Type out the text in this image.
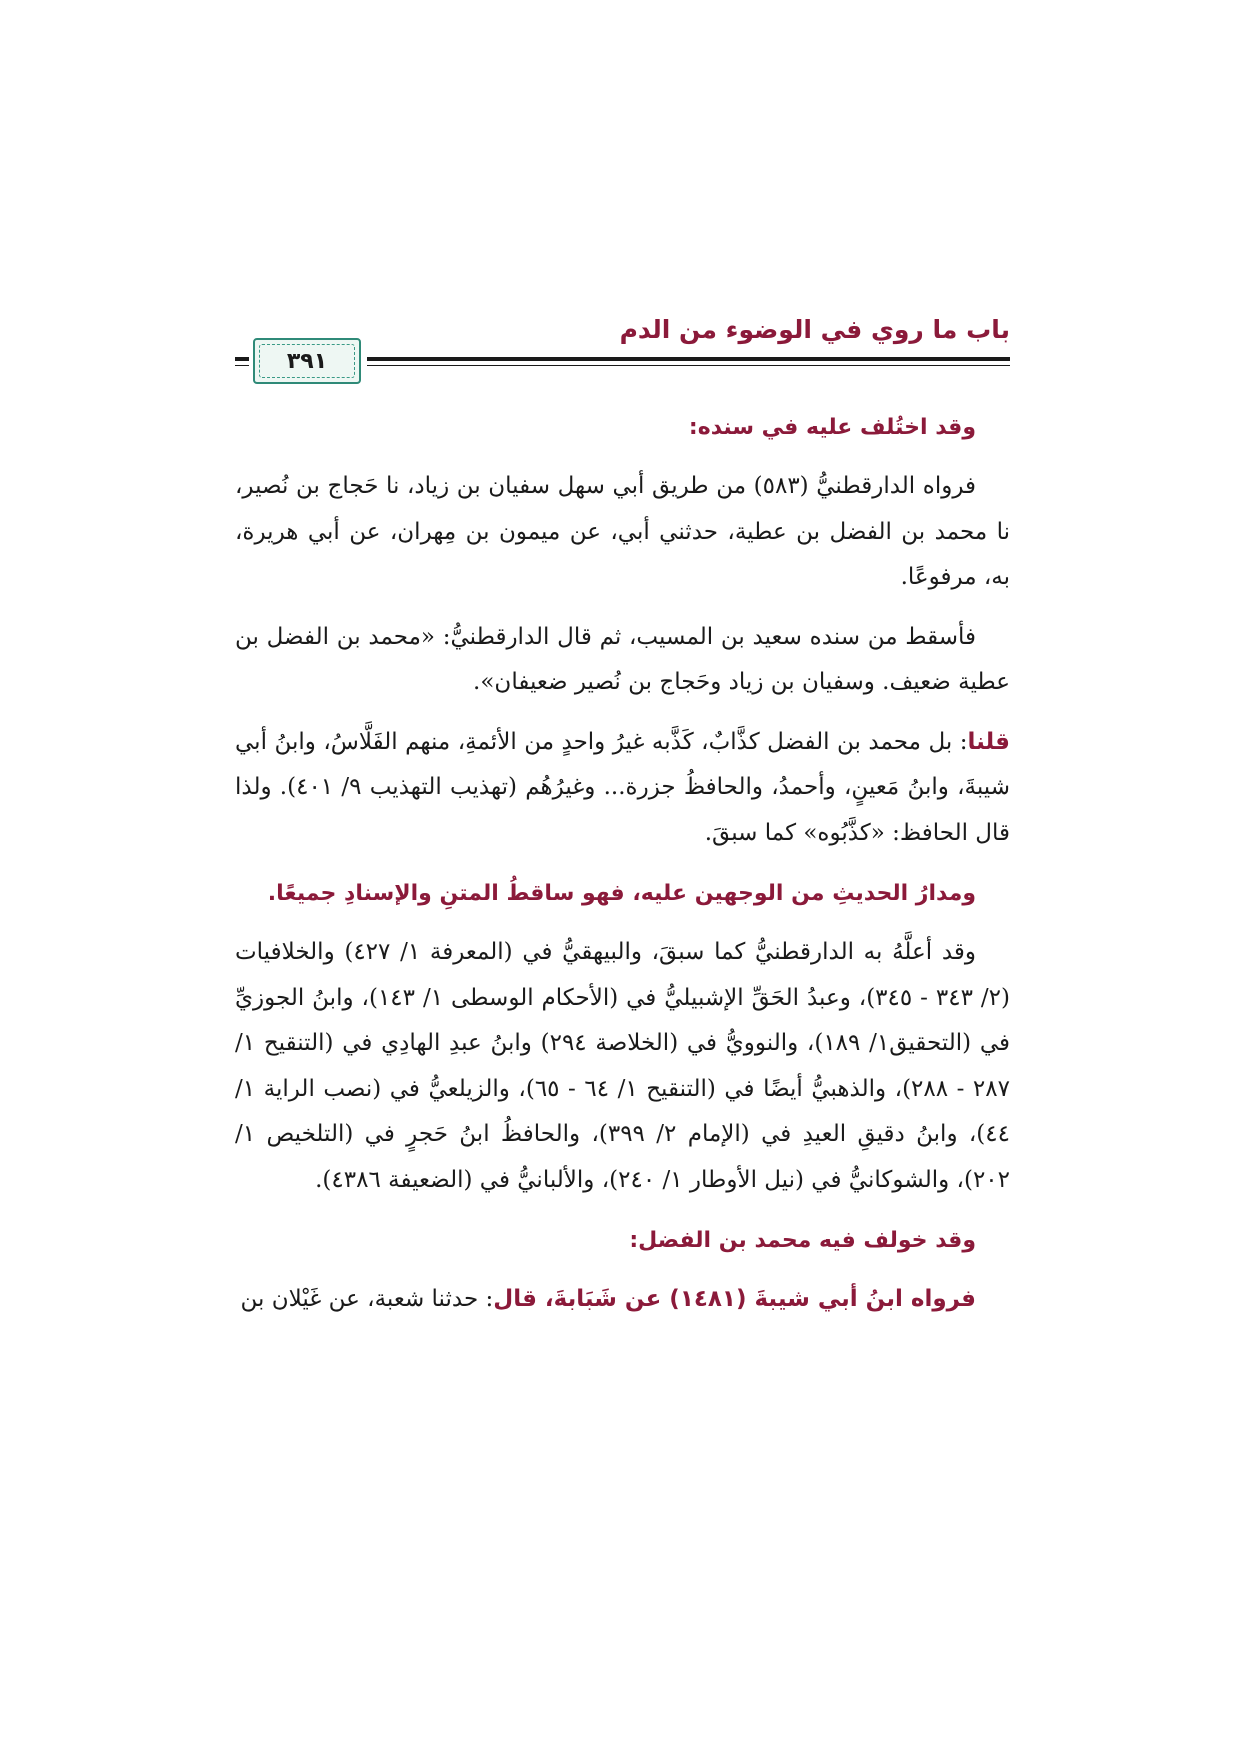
باب ما روي في الوضوء من الدم
٣٩١
وقد اختُلف عليه في سنده:

فرواه الدارقطنيُّ (٥٨٣) من طريق أبي سهل سفيان بن زياد، نا حَجاج بن نُصير، نا محمد بن الفضل بن عطية، حدثني أبي، عن ميمون بن مِهران، عن أبي هريرة، به، مرفوعًا.

فأسقط من سنده سعيد بن المسيب، ثم قال الدارقطنيُّ: «محمد بن الفضل بن عطية ضعيف. وسفيان بن زياد وحَجاج بن نُصير ضعيفان».

قلنا: بل محمد بن الفضل كذَّابٌ، كَذَّبه غيرُ واحدٍ من الأئمةِ، منهم الفَلَّاسُ، وابنُ أبي شيبةَ، وابنُ مَعينٍ، وأحمدُ، والحافظُ جزرة... وغيرُهُم (تهذيب التهذيب ٩/ ٤٠١). ولذا قال الحافظ: «كذَّبُوه» كما سبقَ.

ومدارُ الحديثِ من الوجهين عليه، فهو ساقطُ المتنِ والإسنادِ جميعًا.

وقد أعلَّهُ به الدارقطنيُّ كما سبقَ، والبيهقيُّ في (المعرفة ١/ ٤٢٧) والخلافيات (٢/ ٣٤٣ - ٣٤٥)، وعبدُ الحَقِّ الإشبيليُّ في (الأحكام الوسطى ١/ ١٤٣)، وابنُ الجوزيِّ في (التحقيق١/ ١٨٩)، والنوويُّ في (الخلاصة ٢٩٤) وابنُ عبدِ الهادِي في (التنقيح ١/ ٢٨٧ - ٢٨٨)، والذهبيُّ أيضًا في (التنقيح ١/ ٦٤ - ٦٥)، والزيلعيُّ في (نصب الراية ١/ ٤٤)، وابنُ دقيقِ العيدِ في (الإمام ٢/ ٣٩٩)، والحافظُ ابنُ حَجرٍ في (التلخيص ١/ ٢٠٢)، والشوكانيُّ في (نيل الأوطار ١/ ٢٤٠)، والألبانيُّ في (الضعيفة ٤٣٨٦).

وقد خولف فيه محمد بن الفضل:

فرواه ابنُ أبي شيبةَ (١٤٨١) عن شَبَابةَ، قال: حدثنا شعبة، عن غَيْلان بن
